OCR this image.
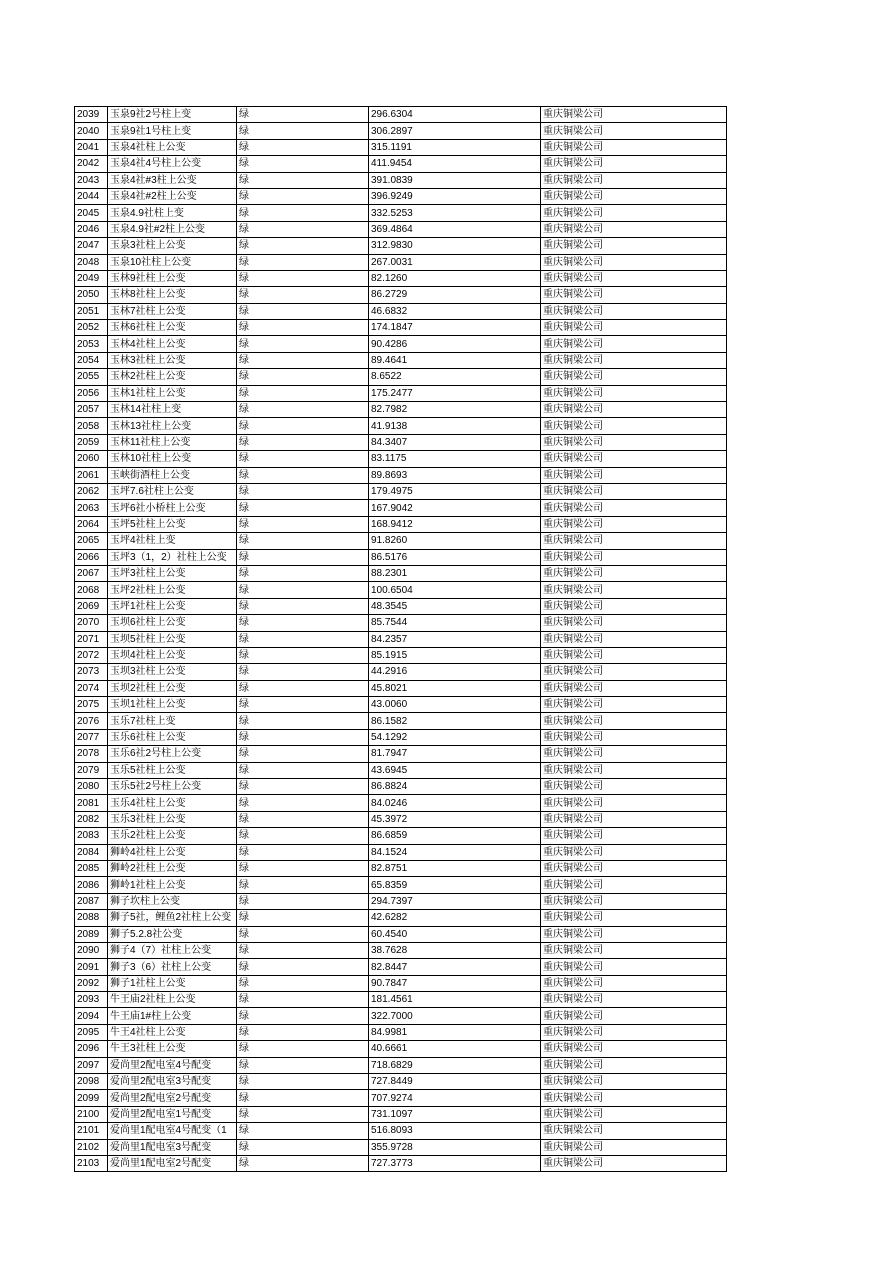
2039	玉泉9社2号柱上变	绿	296.6304	重庆铜梁公司
2040	玉泉9社1号柱上变	绿	306.2897	重庆铜梁公司
2041	玉泉4社柱上公变	绿	315.1191	重庆铜梁公司
2042	玉泉4社4号柱上公变	绿	411.9454	重庆铜梁公司
2043	玉泉4社#3柱上公变	绿	391.0839	重庆铜梁公司
2044	玉泉4社#2柱上公变	绿	396.9249	重庆铜梁公司
2045	玉泉4.9社柱上变	绿	332.5253	重庆铜梁公司
2046	玉泉4.9社#2柱上公变	绿	369.4864	重庆铜梁公司
2047	玉泉3社柱上公变	绿	312.9830	重庆铜梁公司
2048	玉泉10社柱上公变	绿	267.0031	重庆铜梁公司
2049	玉林9社柱上公变	绿	82.1260	重庆铜梁公司
2050	玉林8社柱上公变	绿	86.2729	重庆铜梁公司
2051	玉林7社柱上公变	绿	46.6832	重庆铜梁公司
2052	玉林6社柱上公变	绿	174.1847	重庆铜梁公司
2053	玉林4社柱上公变	绿	90.4286	重庆铜梁公司
2054	玉林3社柱上公变	绿	89.4641	重庆铜梁公司
2055	玉林2社柱上公变	绿	8.6522	重庆铜梁公司
2056	玉林1社柱上公变	绿	175.2477	重庆铜梁公司
2057	玉林14社柱上变	绿	82.7982	重庆铜梁公司
2058	玉林13社柱上公变	绿	41.9138	重庆铜梁公司
2059	玉林11社柱上公变	绿	84.3407	重庆铜梁公司
2060	玉林10社柱上公变	绿	83.1175	重庆铜梁公司
2061	玉峡街酒柱上公变	绿	89.8693	重庆铜梁公司
2062	玉坪7.6社柱上公变	绿	179.4975	重庆铜梁公司
2063	玉坪6社小桥柱上公变	绿	167.9042	重庆铜梁公司
2064	玉坪5社柱上公变	绿	168.9412	重庆铜梁公司
2065	玉坪4社柱上变	绿	91.8260	重庆铜梁公司
2066	玉坪3（1，2）社柱上公变	绿	86.5176	重庆铜梁公司
2067	玉坪3社柱上公变	绿	88.2301	重庆铜梁公司
2068	玉坪2社柱上公变	绿	100.6504	重庆铜梁公司
2069	玉坪1社柱上公变	绿	48.3545	重庆铜梁公司
2070	玉坝6社柱上公变	绿	85.7544	重庆铜梁公司
2071	玉坝5社柱上公变	绿	84.2357	重庆铜梁公司
2072	玉坝4社柱上公变	绿	85.1915	重庆铜梁公司
2073	玉坝3社柱上公变	绿	44.2916	重庆铜梁公司
2074	玉坝2社柱上公变	绿	45.8021	重庆铜梁公司
2075	玉坝1社柱上公变	绿	43.0060	重庆铜梁公司
2076	玉乐7社柱上变	绿	86.1582	重庆铜梁公司
2077	玉乐6社柱上公变	绿	54.1292	重庆铜梁公司
2078	玉乐6社2号柱上公变	绿	81.7947	重庆铜梁公司
2079	玉乐5社柱上公变	绿	43.6945	重庆铜梁公司
2080	玉乐5社2号柱上公变	绿	86.8824	重庆铜梁公司
2081	玉乐4社柱上公变	绿	84.0246	重庆铜梁公司
2082	玉乐3社柱上公变	绿	45.3972	重庆铜梁公司
2083	玉乐2社柱上公变	绿	86.6859	重庆铜梁公司
2084	狮岭4社柱上公变	绿	84.1524	重庆铜梁公司
2085	狮岭2社柱上公变	绿	82.8751	重庆铜梁公司
2086	狮岭1社柱上公变	绿	65.8359	重庆铜梁公司
2087	狮子坎柱上公变	绿	294.7397	重庆铜梁公司
2088	狮子5社，鲤鱼2社柱上公变	绿	42.6282	重庆铜梁公司
2089	狮子5.2.8社公变	绿	60.4540	重庆铜梁公司
2090	狮子4（7）社柱上公变	绿	38.7628	重庆铜梁公司
2091	狮子3（6）社柱上公变	绿	82.8447	重庆铜梁公司
2092	狮子1社柱上公变	绿	90.7847	重庆铜梁公司
2093	牛王庙2社柱上公变	绿	181.4561	重庆铜梁公司
2094	牛王庙1#柱上公变	绿	322.7000	重庆铜梁公司
2095	牛王4社柱上公变	绿	84.9981	重庆铜梁公司
2096	牛王3社柱上公变	绿	40.6661	重庆铜梁公司
2097	爱尚里2配电室4号配变	绿	718.6829	重庆铜梁公司
2098	爱尚里2配电室3号配变	绿	727.8449	重庆铜梁公司
2099	爱尚里2配电室2号配变	绿	707.9274	重庆铜梁公司
2100	爱尚里2配电室1号配变	绿	731.1097	重庆铜梁公司
2101	爱尚里1配电室4号配变（1	绿	516.8093	重庆铜梁公司
2102	爱尚里1配电室3号配变	绿	355.9728	重庆铜梁公司
2103	爱尚里1配电室2号配变	绿	727.3773	重庆铜梁公司
